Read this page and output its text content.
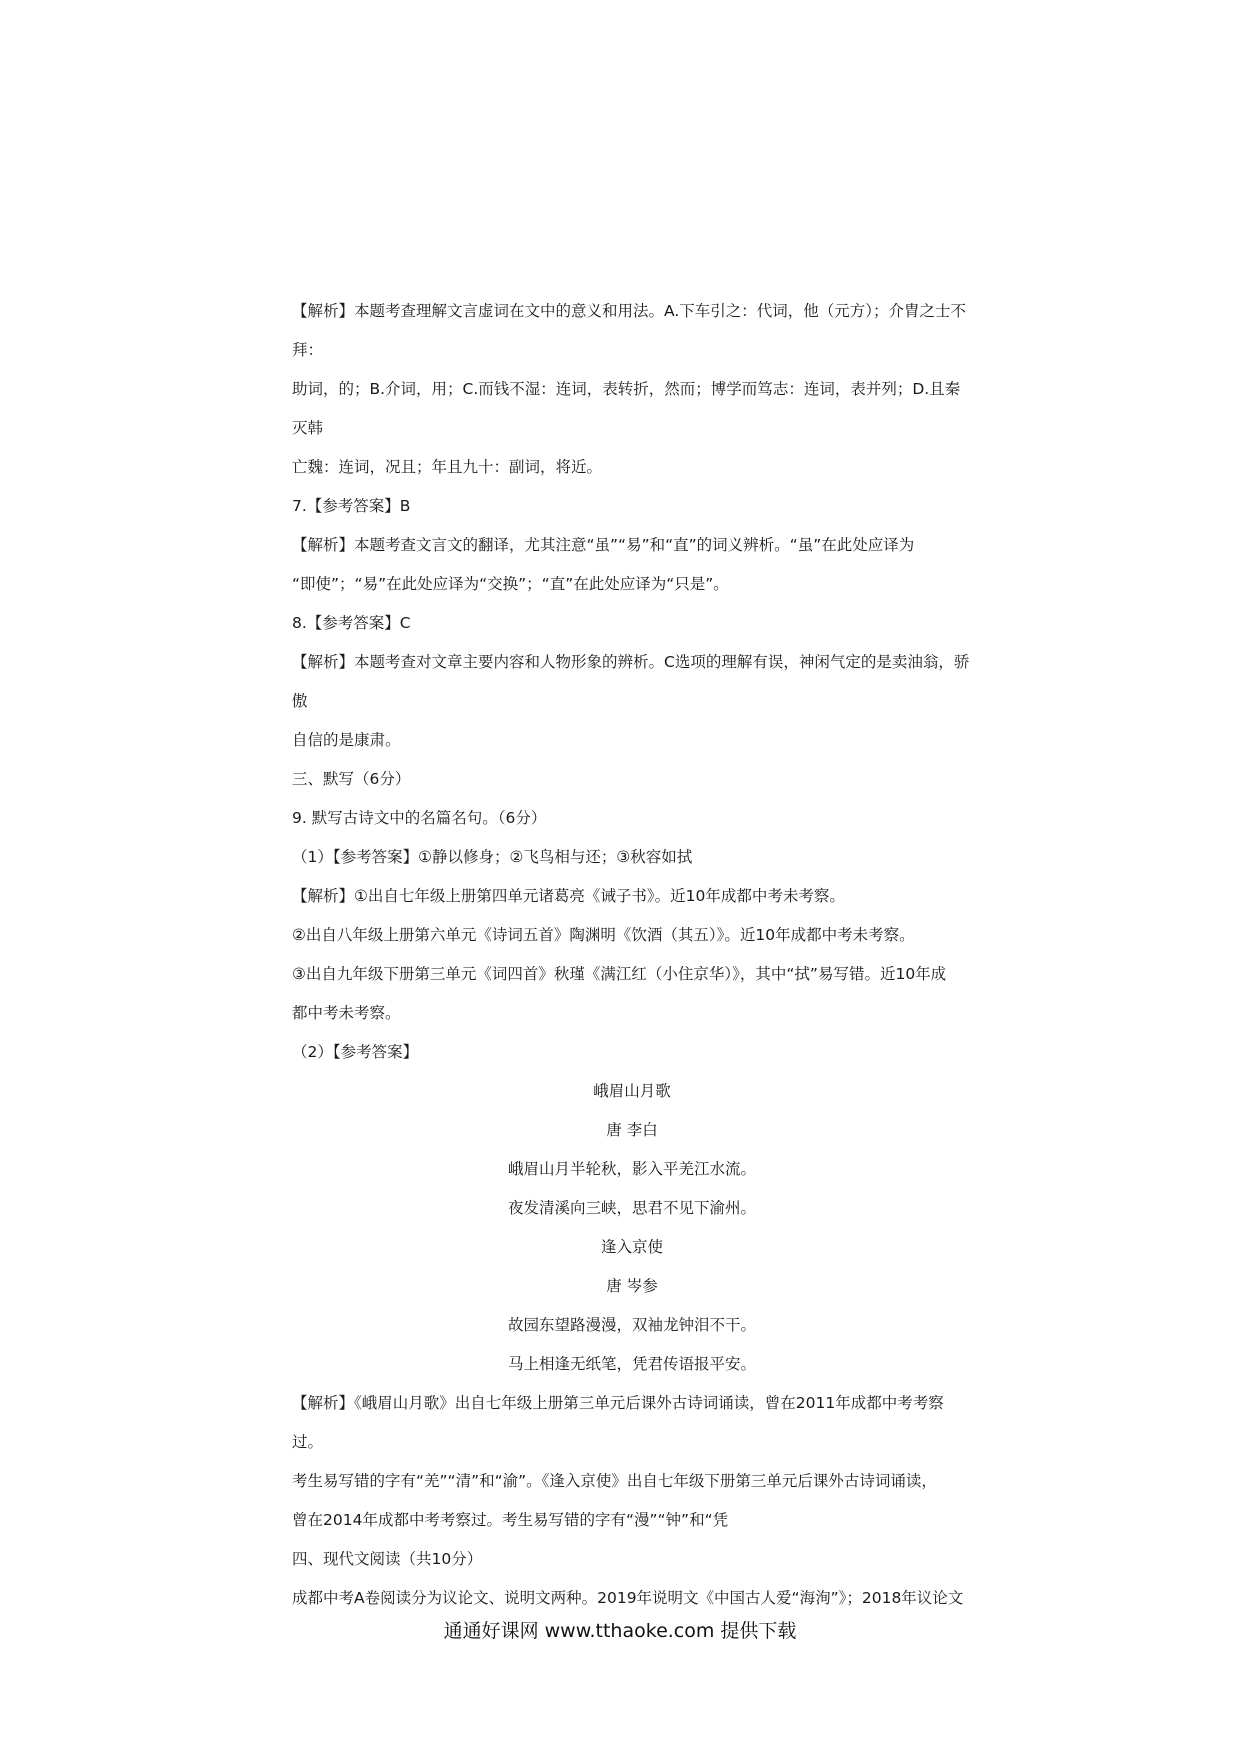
【解析】本题考查理解文言虚词在文中的意义和用法。A.下车引之：代词，他（元方）；介胄之士不拜：

助词，的；B.介词，用；C.而钱不湿：连词，表转折，然而；博学而笃志：连词，表并列；D.且秦灭韩

亡魏：连词，况且；年且九十：副词，将近。

7.【参考答案】B

【解析】本题考查文言文的翻译，尤其注意“虽”“易”和“直”的词义辨析。“虽”在此处应译为

“即使”；“易”在此处应译为“交换”；“直”在此处应译为“只是”。

8.【参考答案】C

【解析】本题考查对文章主要内容和人物形象的辨析。C选项的理解有误，神闲气定的是卖油翁，骄傲

自信的是康肃。

三、默写（6分）

9. 默写古诗文中的名篇名句。（6分）

（1）【参考答案】①静以修身；②飞鸟相与还；③秋容如拭

【解析】①出自七年级上册第四单元诸葛亮《诫子书》。近10年成都中考未考察。

②出自八年级上册第六单元《诗词五首》陶渊明《饮酒（其五）》。近10年成都中考未考察。

③出自九年级下册第三单元《词四首》秋瑾《满江红（小住京华）》，其中“拭”易写错。近10年成

都中考未考察。

（2）【参考答案】

峨眉山月歌

唐 李白

峨眉山月半轮秋，影入平羌江水流。

夜发清溪向三峡，思君不见下渝州。

逢入京使

唐 岑参

故园东望路漫漫，双袖龙钟泪不干。

马上相逢无纸笔，凭君传语报平安。

【解析】《峨眉山月歌》出自七年级上册第三单元后课外古诗词诵读，曾在2011年成都中考考察过。

考生易写错的字有“羌”“清”和“渝”。《逢入京使》出自七年级下册第三单元后课外古诗词诵读，

曾在2014年成都中考考察过。考生易写错的字有“漫”“钟”和“凭

四、现代文阅读（共10分）

成都中考A卷阅读分为议论文、说明文两种。2019年说明文《中国古人爱“海洵”》；2018年议论文

通通好课网 www.tthaoke.com 提供下载
